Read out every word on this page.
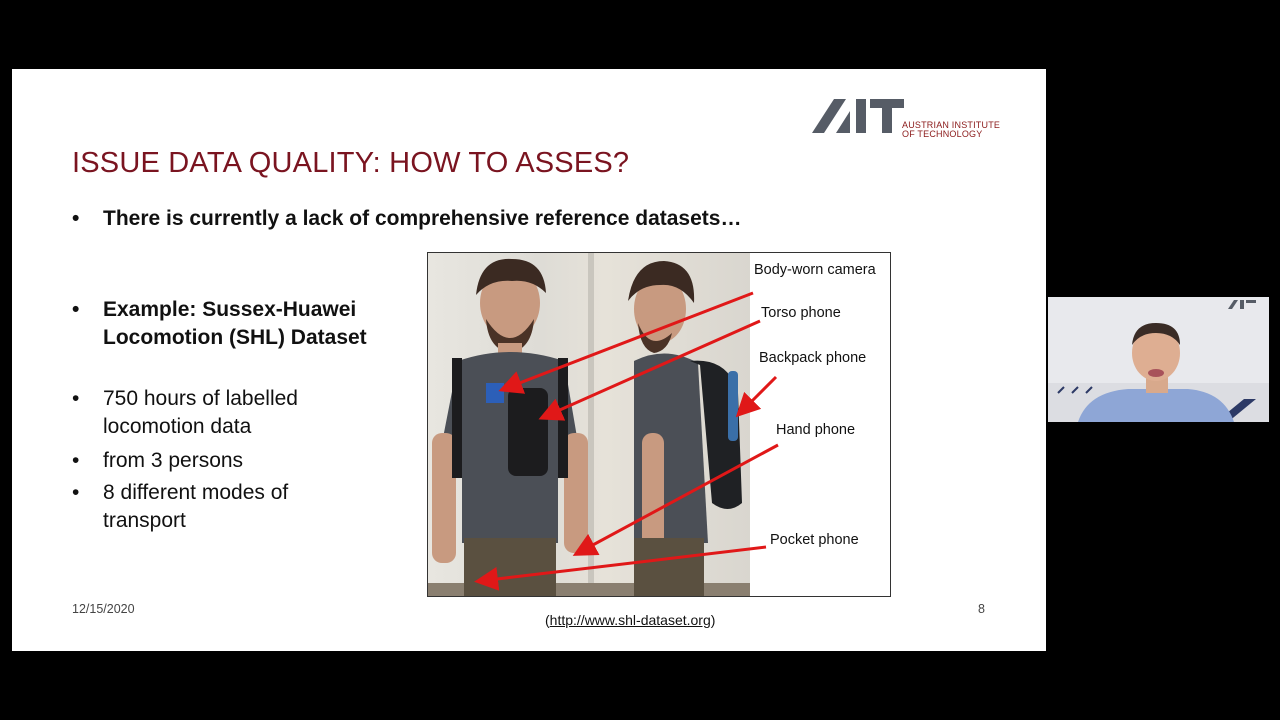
AUSTRIAN INSTITUTE
OF TECHNOLOGY
ISSUE DATA QUALITY: HOW TO ASSES?
• There is currently a lack of comprehensive reference datasets…
• Example: Sussex-Huawei
Locomotion (SHL) Dataset
• 750 hours of labelled
locomotion data
• from 3 persons
• 8 different modes of
transport
Body-worn camera
Torso phone
Backpack phone
Hand phone
Pocket phone
12/15/2020	8
(http://www.shl-dataset.org)
